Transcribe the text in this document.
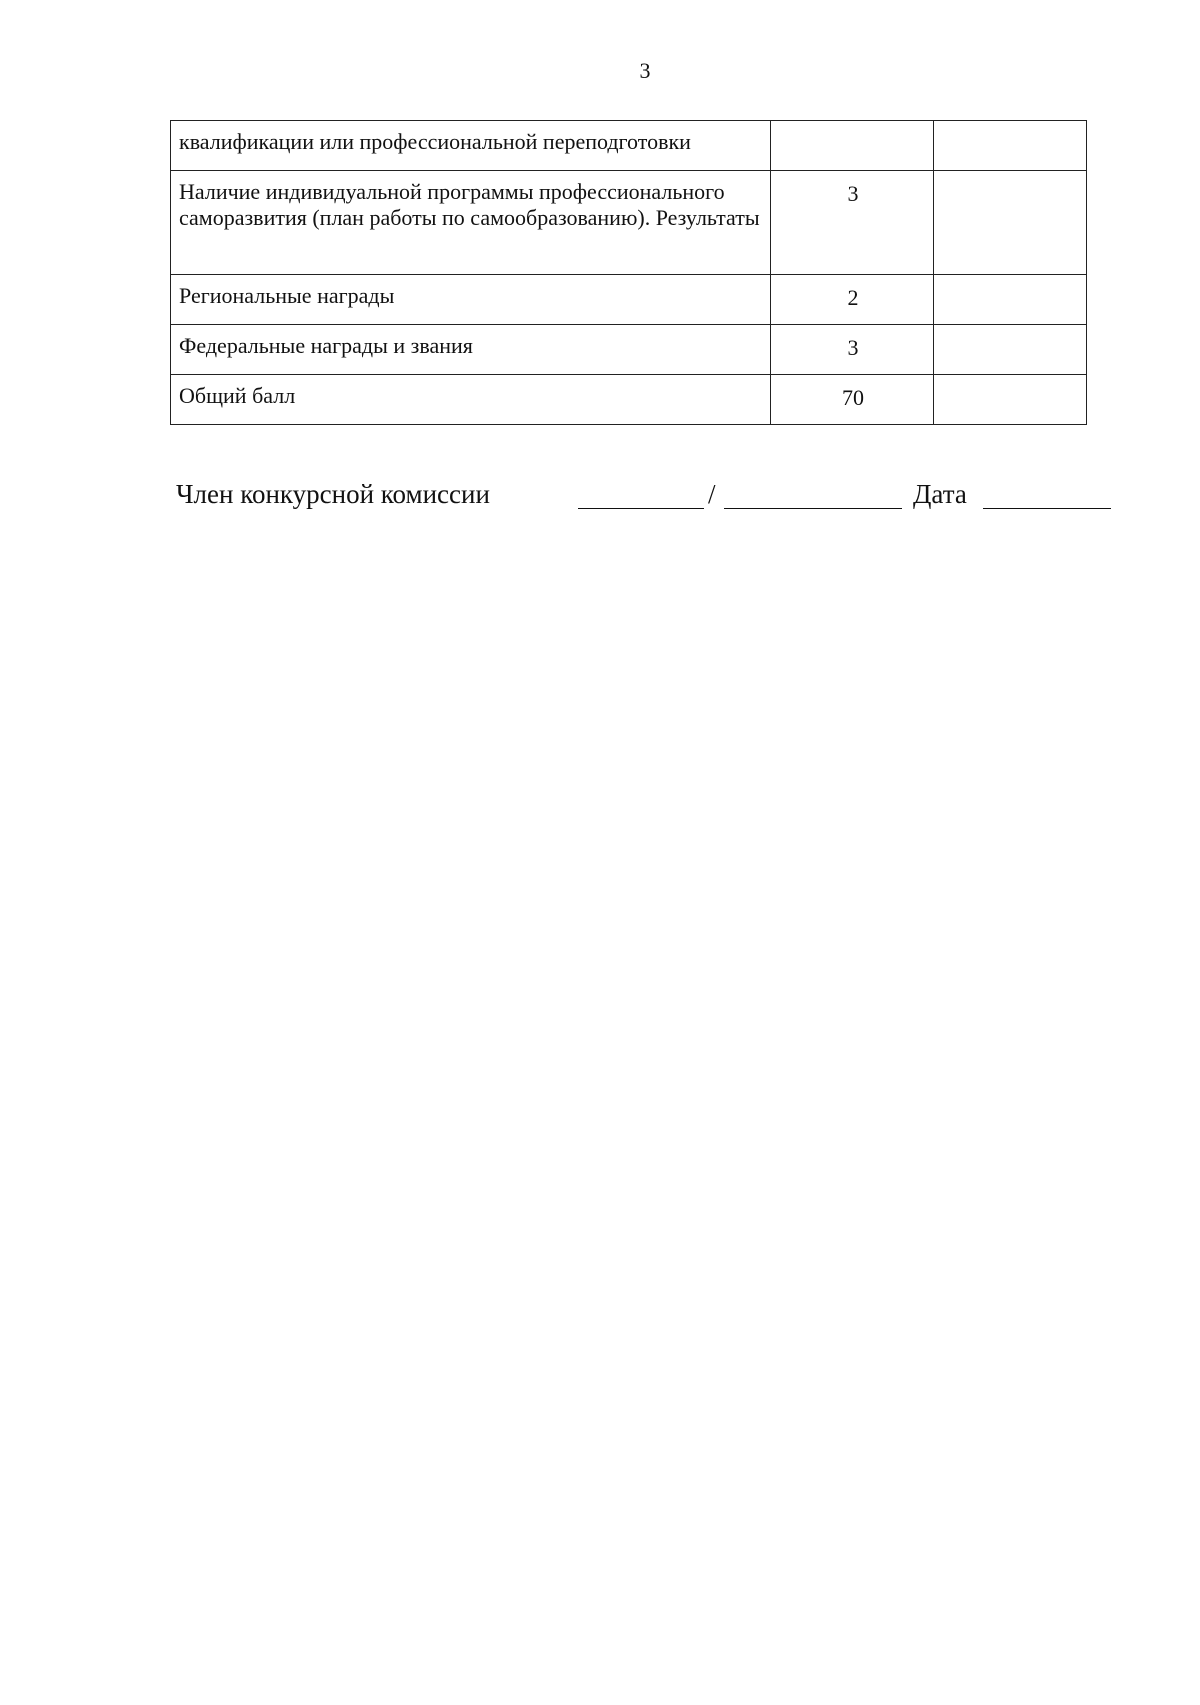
3
квалификации или профессиональной переподготовки		
Наличие индивидуальной программы профессионального саморазвития (план работы по самообразованию). Результаты	3	
Региональные награды	2	
Федеральные награды и звания	3	
Общий балл	70	
Член конкурсной комиссии	/	Дата
